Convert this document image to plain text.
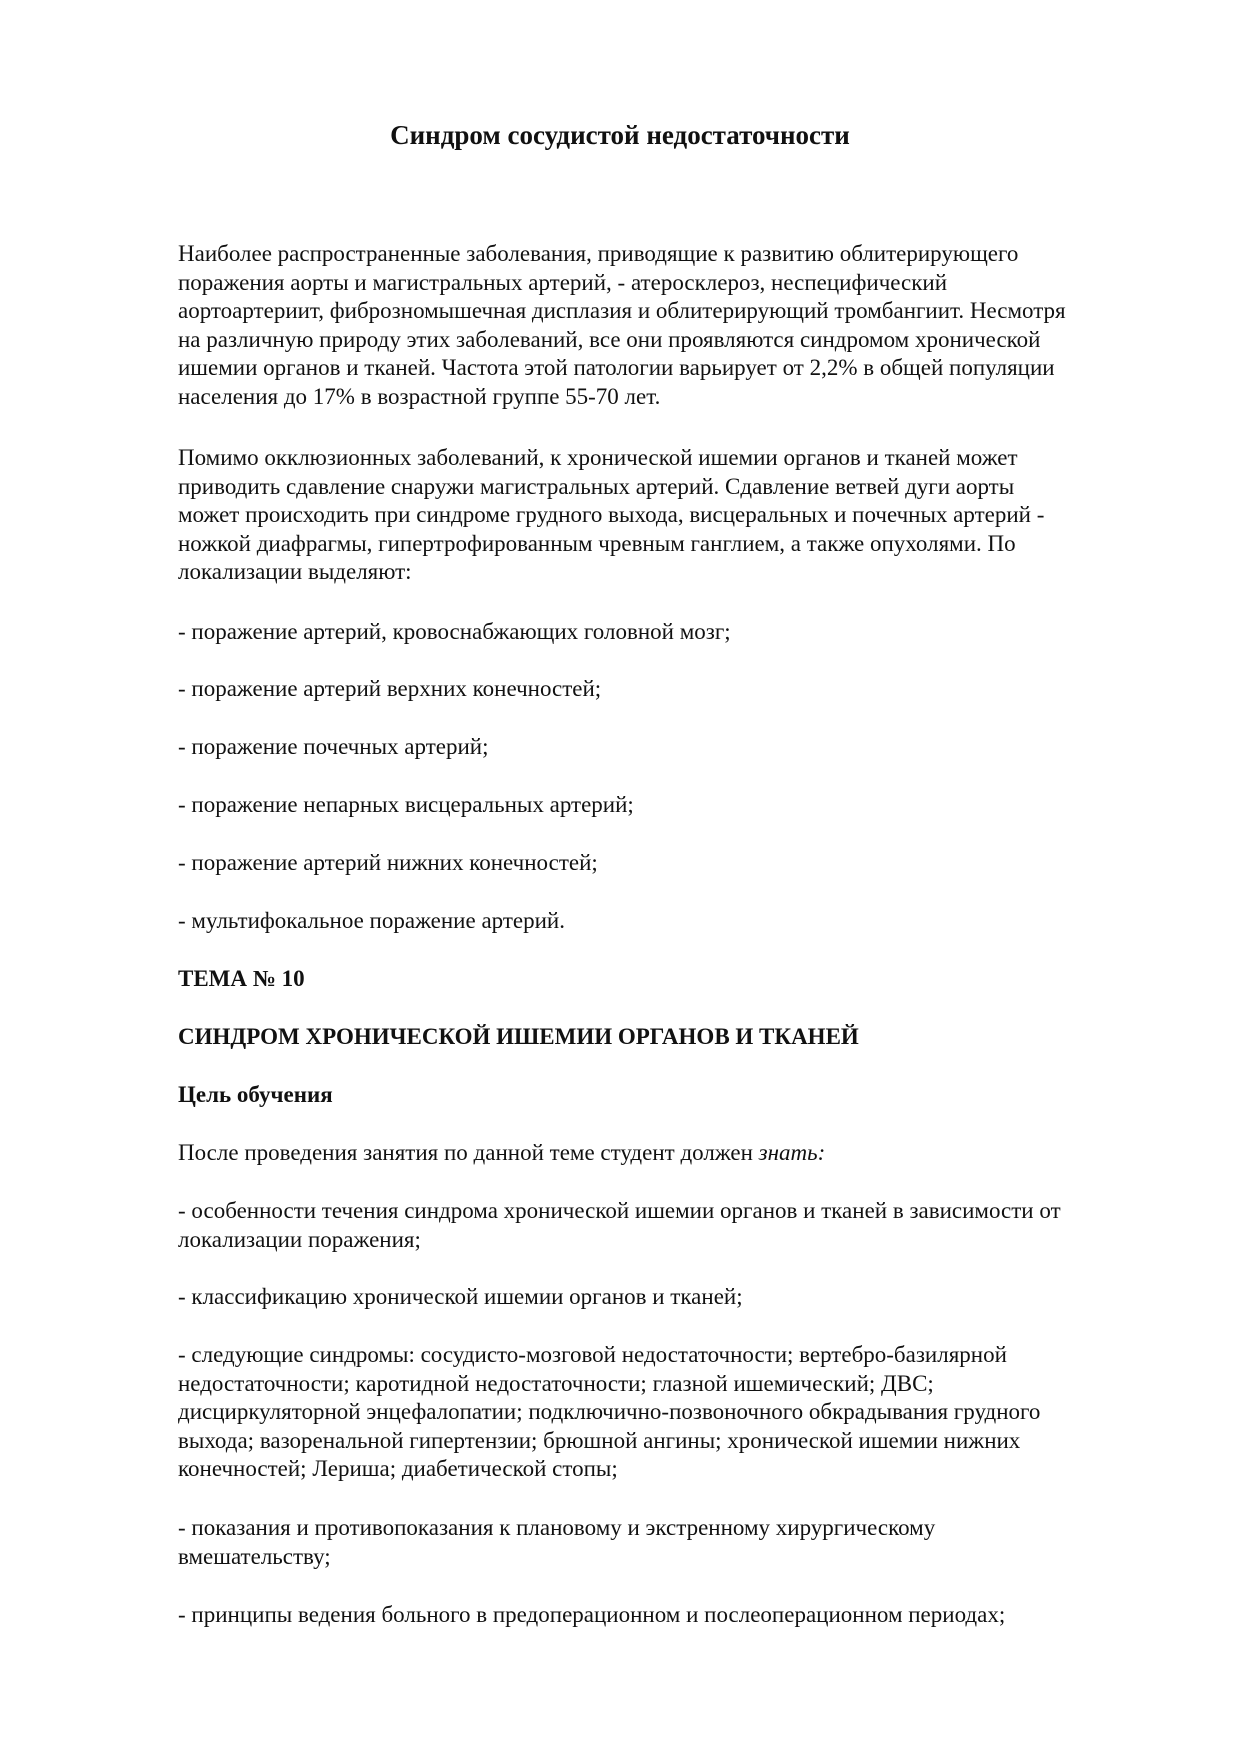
Синдром сосудистой недостаточности

Наиболее распространенные заболевания, приводящие к развитию облитерирующего
поражения аорты и магистральных артерий, - атеросклероз, неспецифический
аортоартериит, фиброзномышечная дисплазия и облитерирующий тромбангиит. Несмотря
на различную природу этих заболеваний, все они проявляются синдромом хронической
ишемии органов и тканей. Частота этой патологии варьирует от 2,2% в общей популяции
населения до 17% в возрастной группе 55-70 лет.

Помимо окклюзионных заболеваний, к хронической ишемии органов и тканей может
приводить сдавление снаружи магистральных артерий. Сдавление ветвей дуги аорты
может происходить при синдроме грудного выхода, висцеральных и почечных артерий -
ножкой диафрагмы, гипертрофированным чревным ганглием, а также опухолями. По
локализации выделяют:

- поражение артерий, кровоснабжающих головной мозг;

- поражение артерий верхних конечностей;

- поражение почечных артерий;

- поражение непарных висцеральных артерий;

- поражение артерий нижних конечностей;

- мультифокальное поражение артерий.

ТЕМА № 10

СИНДРОМ ХРОНИЧЕСКОЙ ИШЕМИИ ОРГАНОВ И ТКАНЕЙ

Цель обучения

После проведения занятия по данной теме студент должен знать:

- особенности течения синдрома хронической ишемии органов и тканей в зависимости от
локализации поражения;

- классификацию хронической ишемии органов и тканей;

- следующие синдромы: сосудисто-мозговой недостаточности; вертебро-базилярной
недостаточности; каротидной недостаточности; глазной ишемический; ДВС;
дисциркуляторной энцефалопатии; подключично-позвоночного обкрадывания грудного
выхода; вазоренальной гипертензии; брюшной ангины; хронической ишемии нижних
конечностей; Лериша; диабетической стопы;

- показания и противопоказания к плановому и экстренному хирургическому
вмешательству;

- принципы ведения больного в предоперационном и послеоперационном периодах;
